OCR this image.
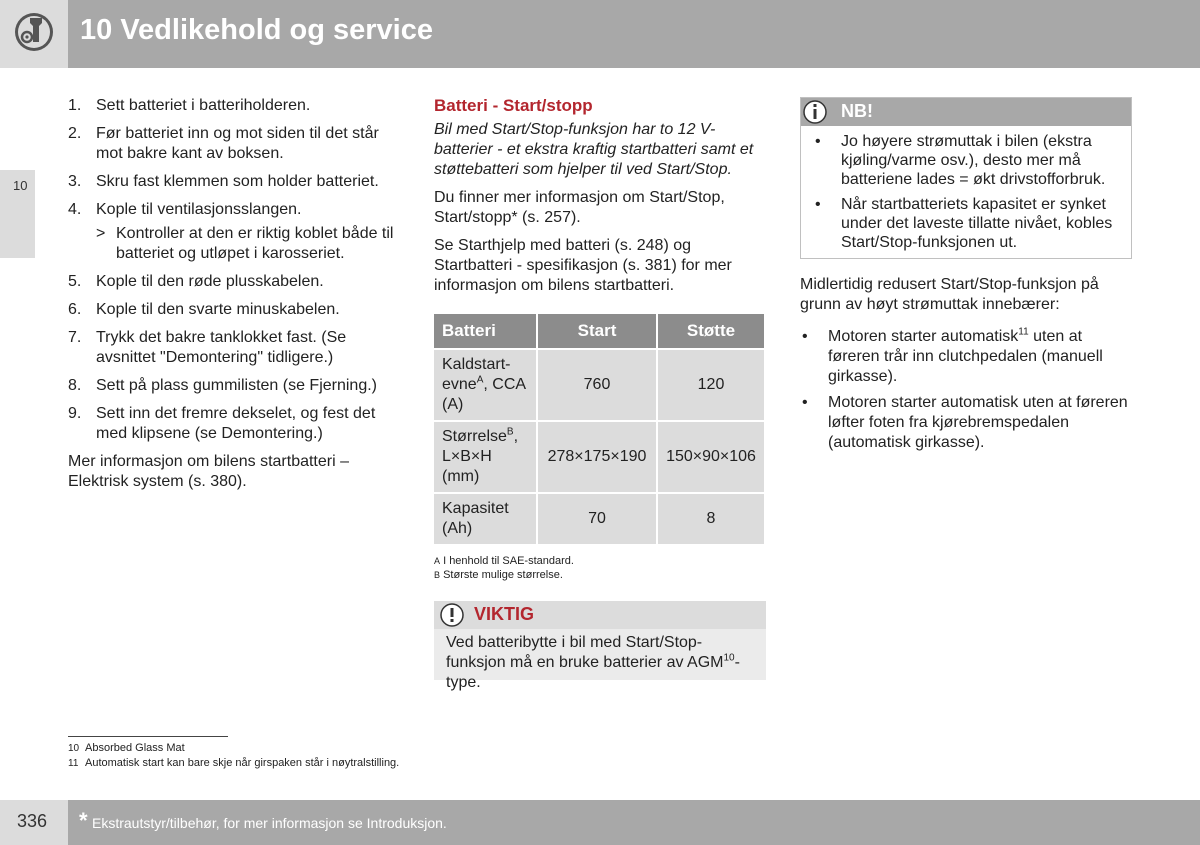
10 Vedlikehold og service
10
1. Sett batteriet i batteriholderen.
2. Før batteriet inn og mot siden til det står mot bakre kant av boksen.
3. Skru fast klemmen som holder batteriet.
4. Kople til ventilasjonsslangen.
> Kontroller at den er riktig koblet både til batteriet og utløpet i karosseriet.
5. Kople til den røde plusskabelen.
6. Kople til den svarte minuskabelen.
7. Trykk det bakre tanklokket fast. (Se avsnittet "Demontering" tidligere.)
8. Sett på plass gummilisten (se Fjerning.)
9. Sett inn det fremre dekselet, og fest det med klipsene (se Demontering.)

Mer informasjon om bilens startbatteri – Elektrisk system (s. 380).

Batteri - Start/stopp

Bil med Start/Stop-funksjon har to 12 V-batterier - et ekstra kraftig startbatteri samt et støttebatteri som hjelper til ved Start/Stop.

Du finner mer informasjon om Start/Stop, Start/stopp* (s. 257).

Se Starthjelp med batteri (s. 248) og Startbatteri - spesifikasjon (s. 381) for mer informasjon om bilens startbatteri.

Batteri	Start	Støtte
Kaldstart-evne$^A$, CCA (A)	760	120
Størrelse$^B$, L×B×H (mm)	278×175×190	150×90×106
Kapasitet (Ah)	70	8
A I henhold til SAE-standard.
B Største mulige størrelse.
VIKTIG
Ved batteribytte i bil med Start/Stop-funksjon må en bruke batterier av AGM$^{10}$-type.
NB!
• Jo høyere strømuttak i bilen (ekstra kjøling/varme osv.), desto mer må batteriene lades = økt drivstofforbruk.
• Når startbatteriets kapasitet er synket under det laveste tillatte nivået, kobles Start/Stop-funksjonen ut.

Midlertidig redusert Start/Stop-funksjon på grunn av høyt strømuttak innebærer:

• Motoren starter automatisk$^{11}$ uten at føreren trår inn clutchpedalen (manuell girkasse).
• Motoren starter automatisk uten at føreren løfter foten fra kjørebremspedalen (automatisk girkasse).
10 Absorbed Glass Mat
11 Automatisk start kan bare skje når girspaken står i nøytralstilling.
336 * Ekstrautstyr/tilbehør, for mer informasjon se Introduksjon.
